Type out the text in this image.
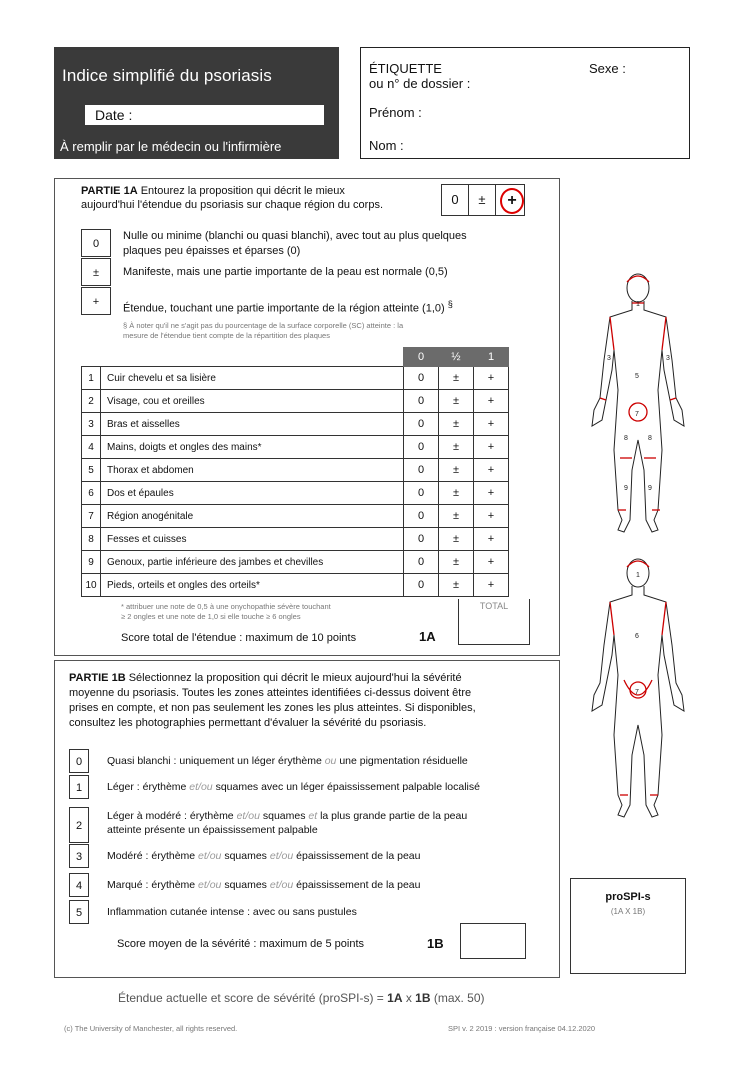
Indice simplifié du psoriasis
Date :
À remplir par le médecin ou l'infirmière
ÉTIQUETTE
ou n° de dossier :
Sexe :
Prénom :
Nom :
PARTIE 1A Entourez la proposition qui décrit le mieux
aujourd'hui l'étendue du psoriasis sur chaque région du corps.	0	±	+
0
Nulle ou minime (blanchi ou quasi blanchi), avec tout au plus quelques
plaques peu épaisses et éparses (0)
±	Manifeste, mais une partie importante de la peau est normale (0,5)
+
Étendue, touchant une partie importante de la région atteinte (1,0) §
§ À noter qu'il ne s'agit pas du pourcentage de la surface corporelle (SC) atteinte : la
mesure de l'étendue tient compte de la répartition des plaques
		0	½	1
1	Cuir chevelu et sa lisière	0	±	+
2	Visage, cou et oreilles	0	±	+
3	Bras et aisselles	0	±	+
4	Mains, doigts et ongles des mains*	0	±	+
5	Thorax et abdomen	0	±	+
6	Dos et épaules	0	±	+
7	Région anogénitale	0	±	+
8	Fesses et cuisses	0	±	+
9	Genoux, partie inférieure des jambes et chevilles	0	±	+
10	Pieds, orteils et ongles des orteils*	0	±	+
* attribuer une note de 0,5 à une onychopathie sévère touchant
≥ 2 ongles et une note de 1,0 si elle touche ≥ 6 ongles
TOTAL
Score total de l'étendue : maximum de 10 points	1A
PARTIE 1B Sélectionnez la proposition qui décrit le mieux aujourd'hui la sévérité
moyenne du psoriasis. Toutes les zones atteintes identifiées ci-dessus doivent être
prises en compte, et non pas seulement les zones les plus atteintes. Si disponibles,
consultez les photographies permettant d'évaluer la sévérité du psoriasis.
0	Quasi blanchi : uniquement un léger érythème ou une pigmentation résiduelle
1	Léger : érythème et/ou squames avec un léger épaississement palpable localisé
2
Léger à modéré : érythème et/ou squames et la plus grande partie de la peau
atteinte présente un épaississement palpable
3	Modéré : érythème et/ou squames et/ou épaississement de la peau
4	Marqué : érythème et/ou squames et/ou épaississement de la peau
5	Inflammation cutanée intense : avec ou sans pustules
Score moyen de la sévérité : maximum de 5 points	1B
proSPI-s
(1A X 1B)
1
3	3
5
7
8	8
9	9
1
6
7
Étendue actuelle et score de sévérité (proSPI-s) = 1A x 1B (max. 50)
(c) The University of Manchester, all rights reserved.	SPI v. 2 2019 : version française 04.12.2020
